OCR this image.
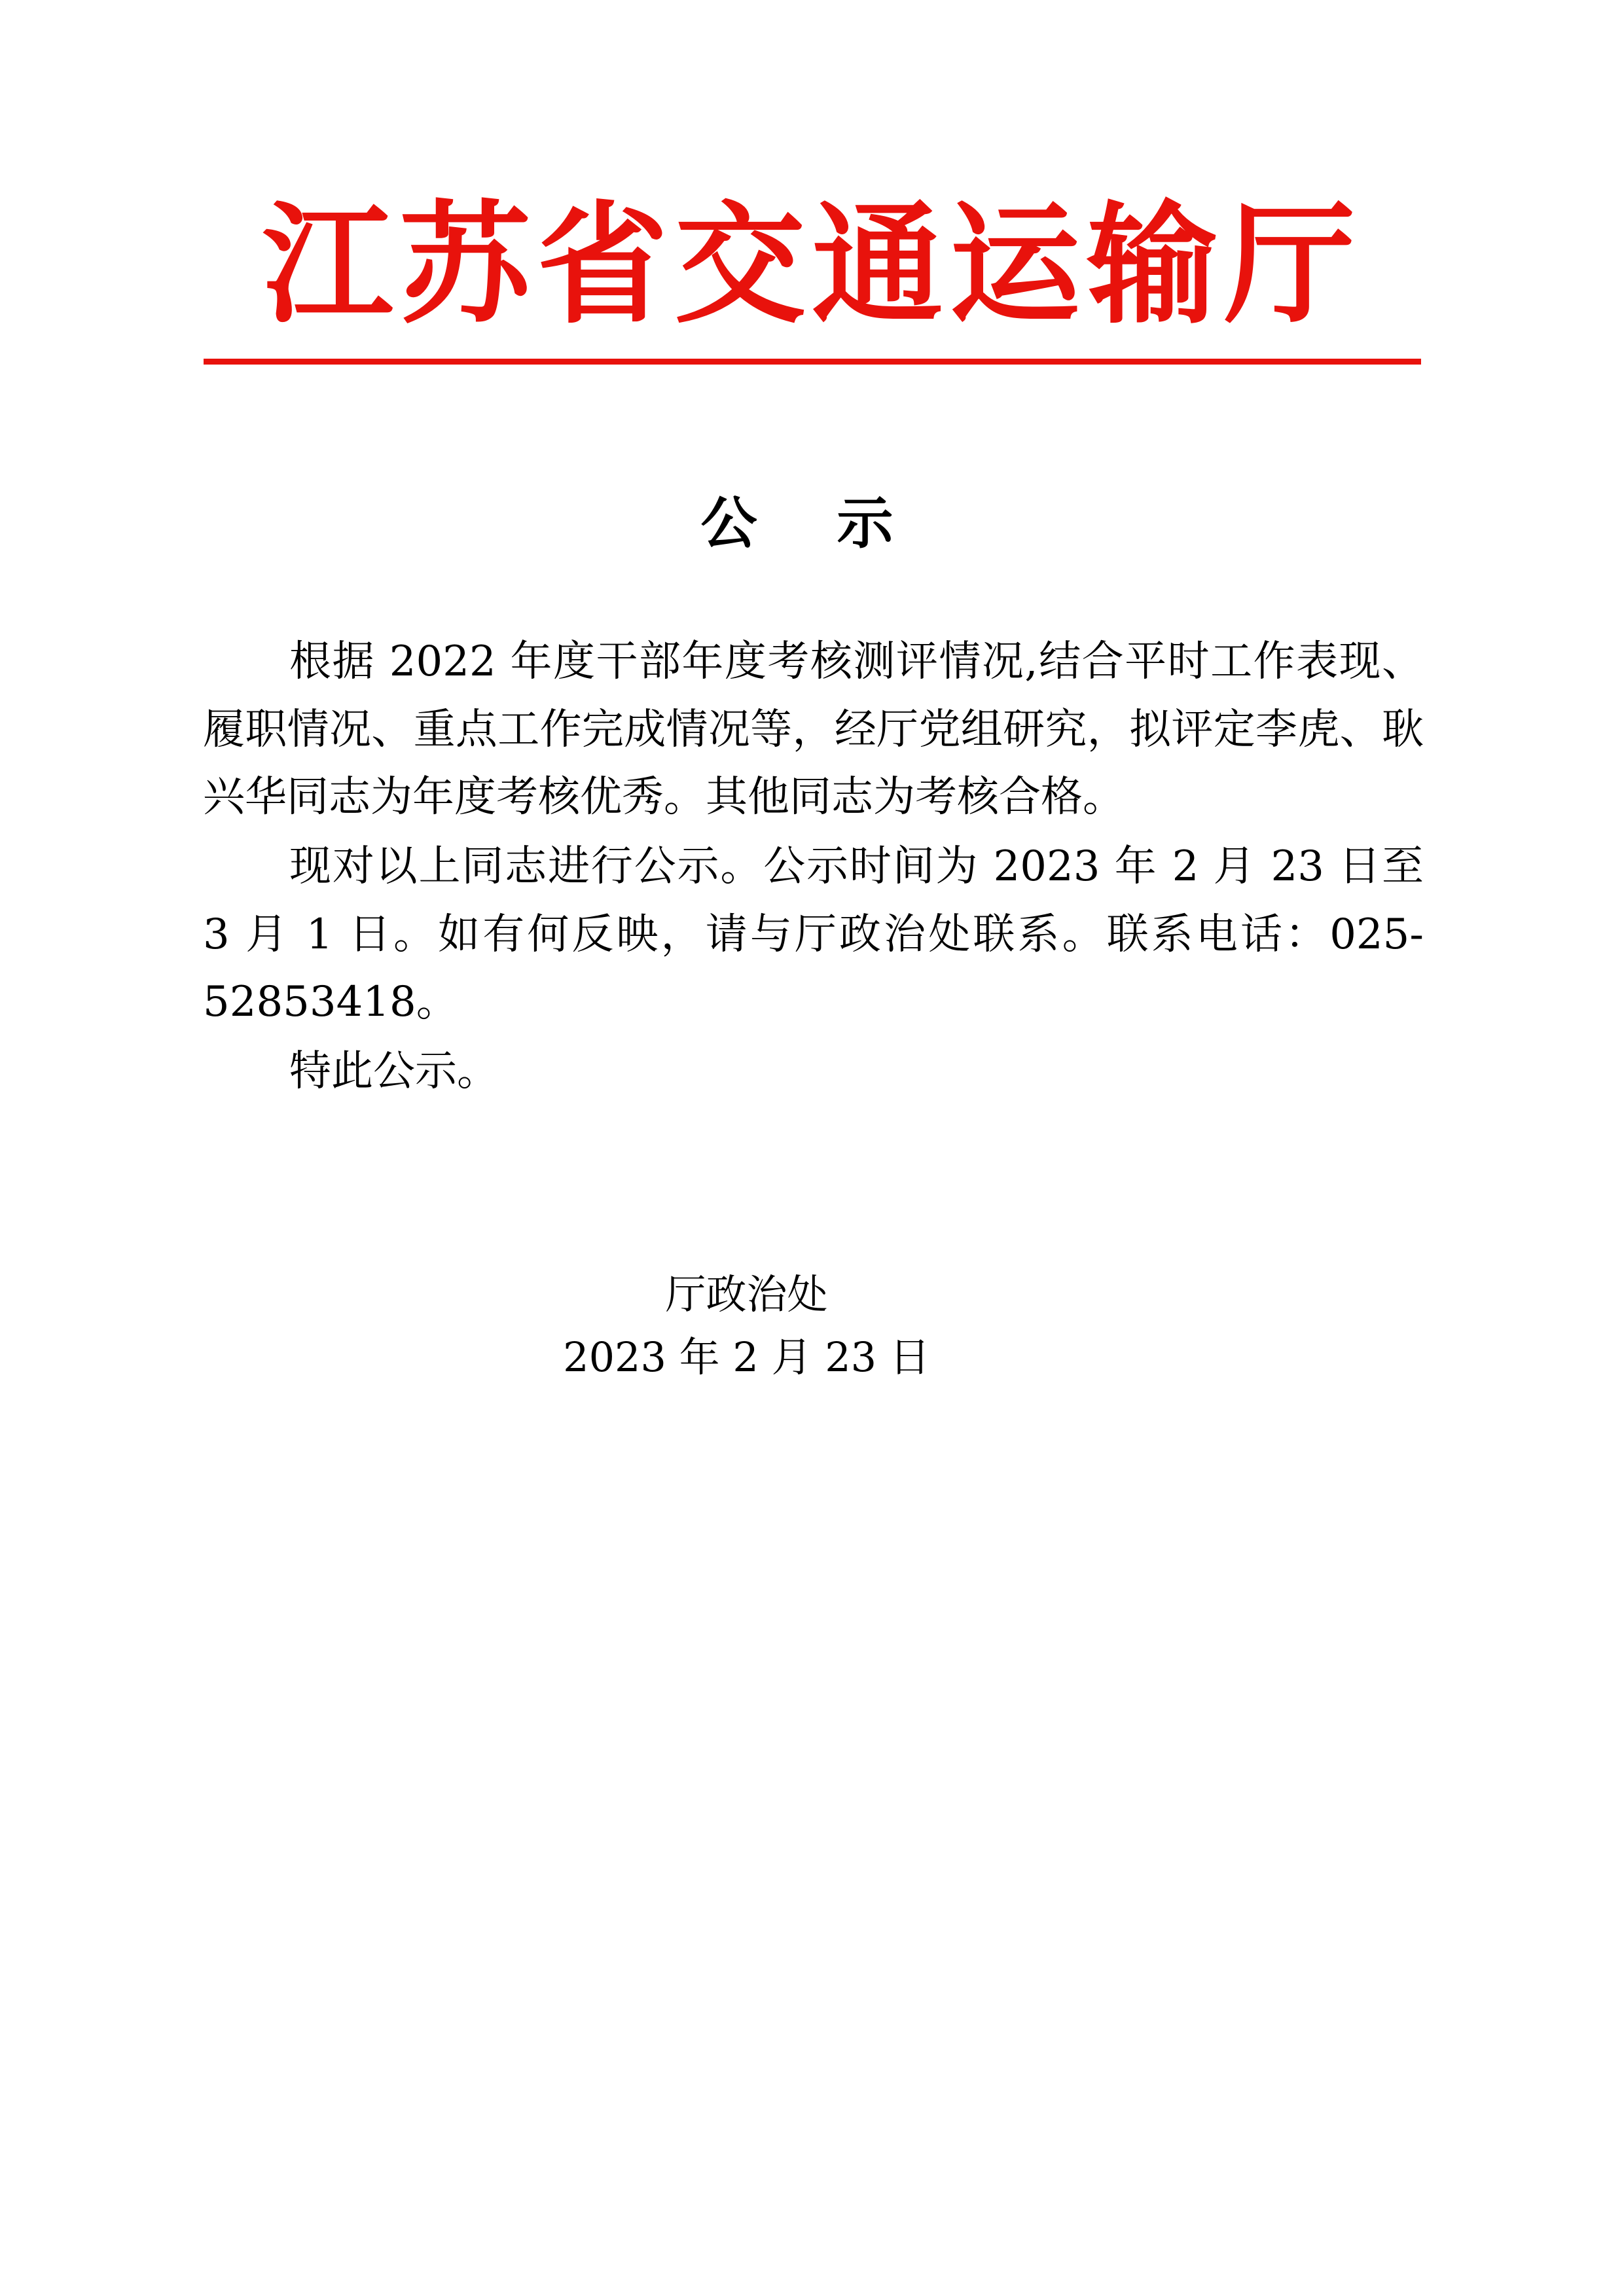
江苏省交通运输厅
公 示

根据 2022 年度干部年度考核测评情况,结合平时工作表现、履职情况、重点工作完成情况等，经厅党组研究，拟评定李虎、耿兴华同志为年度考核优秀。其他同志为考核合格。

现对以上同志进行公示。公示时间为 2023 年 2 月 23 日至 3 月 1 日。如有何反映，请与厅政治处联系。联系电话：025-52853418。

特此公示。

厅政治处
2023 年 2 月 23 日
